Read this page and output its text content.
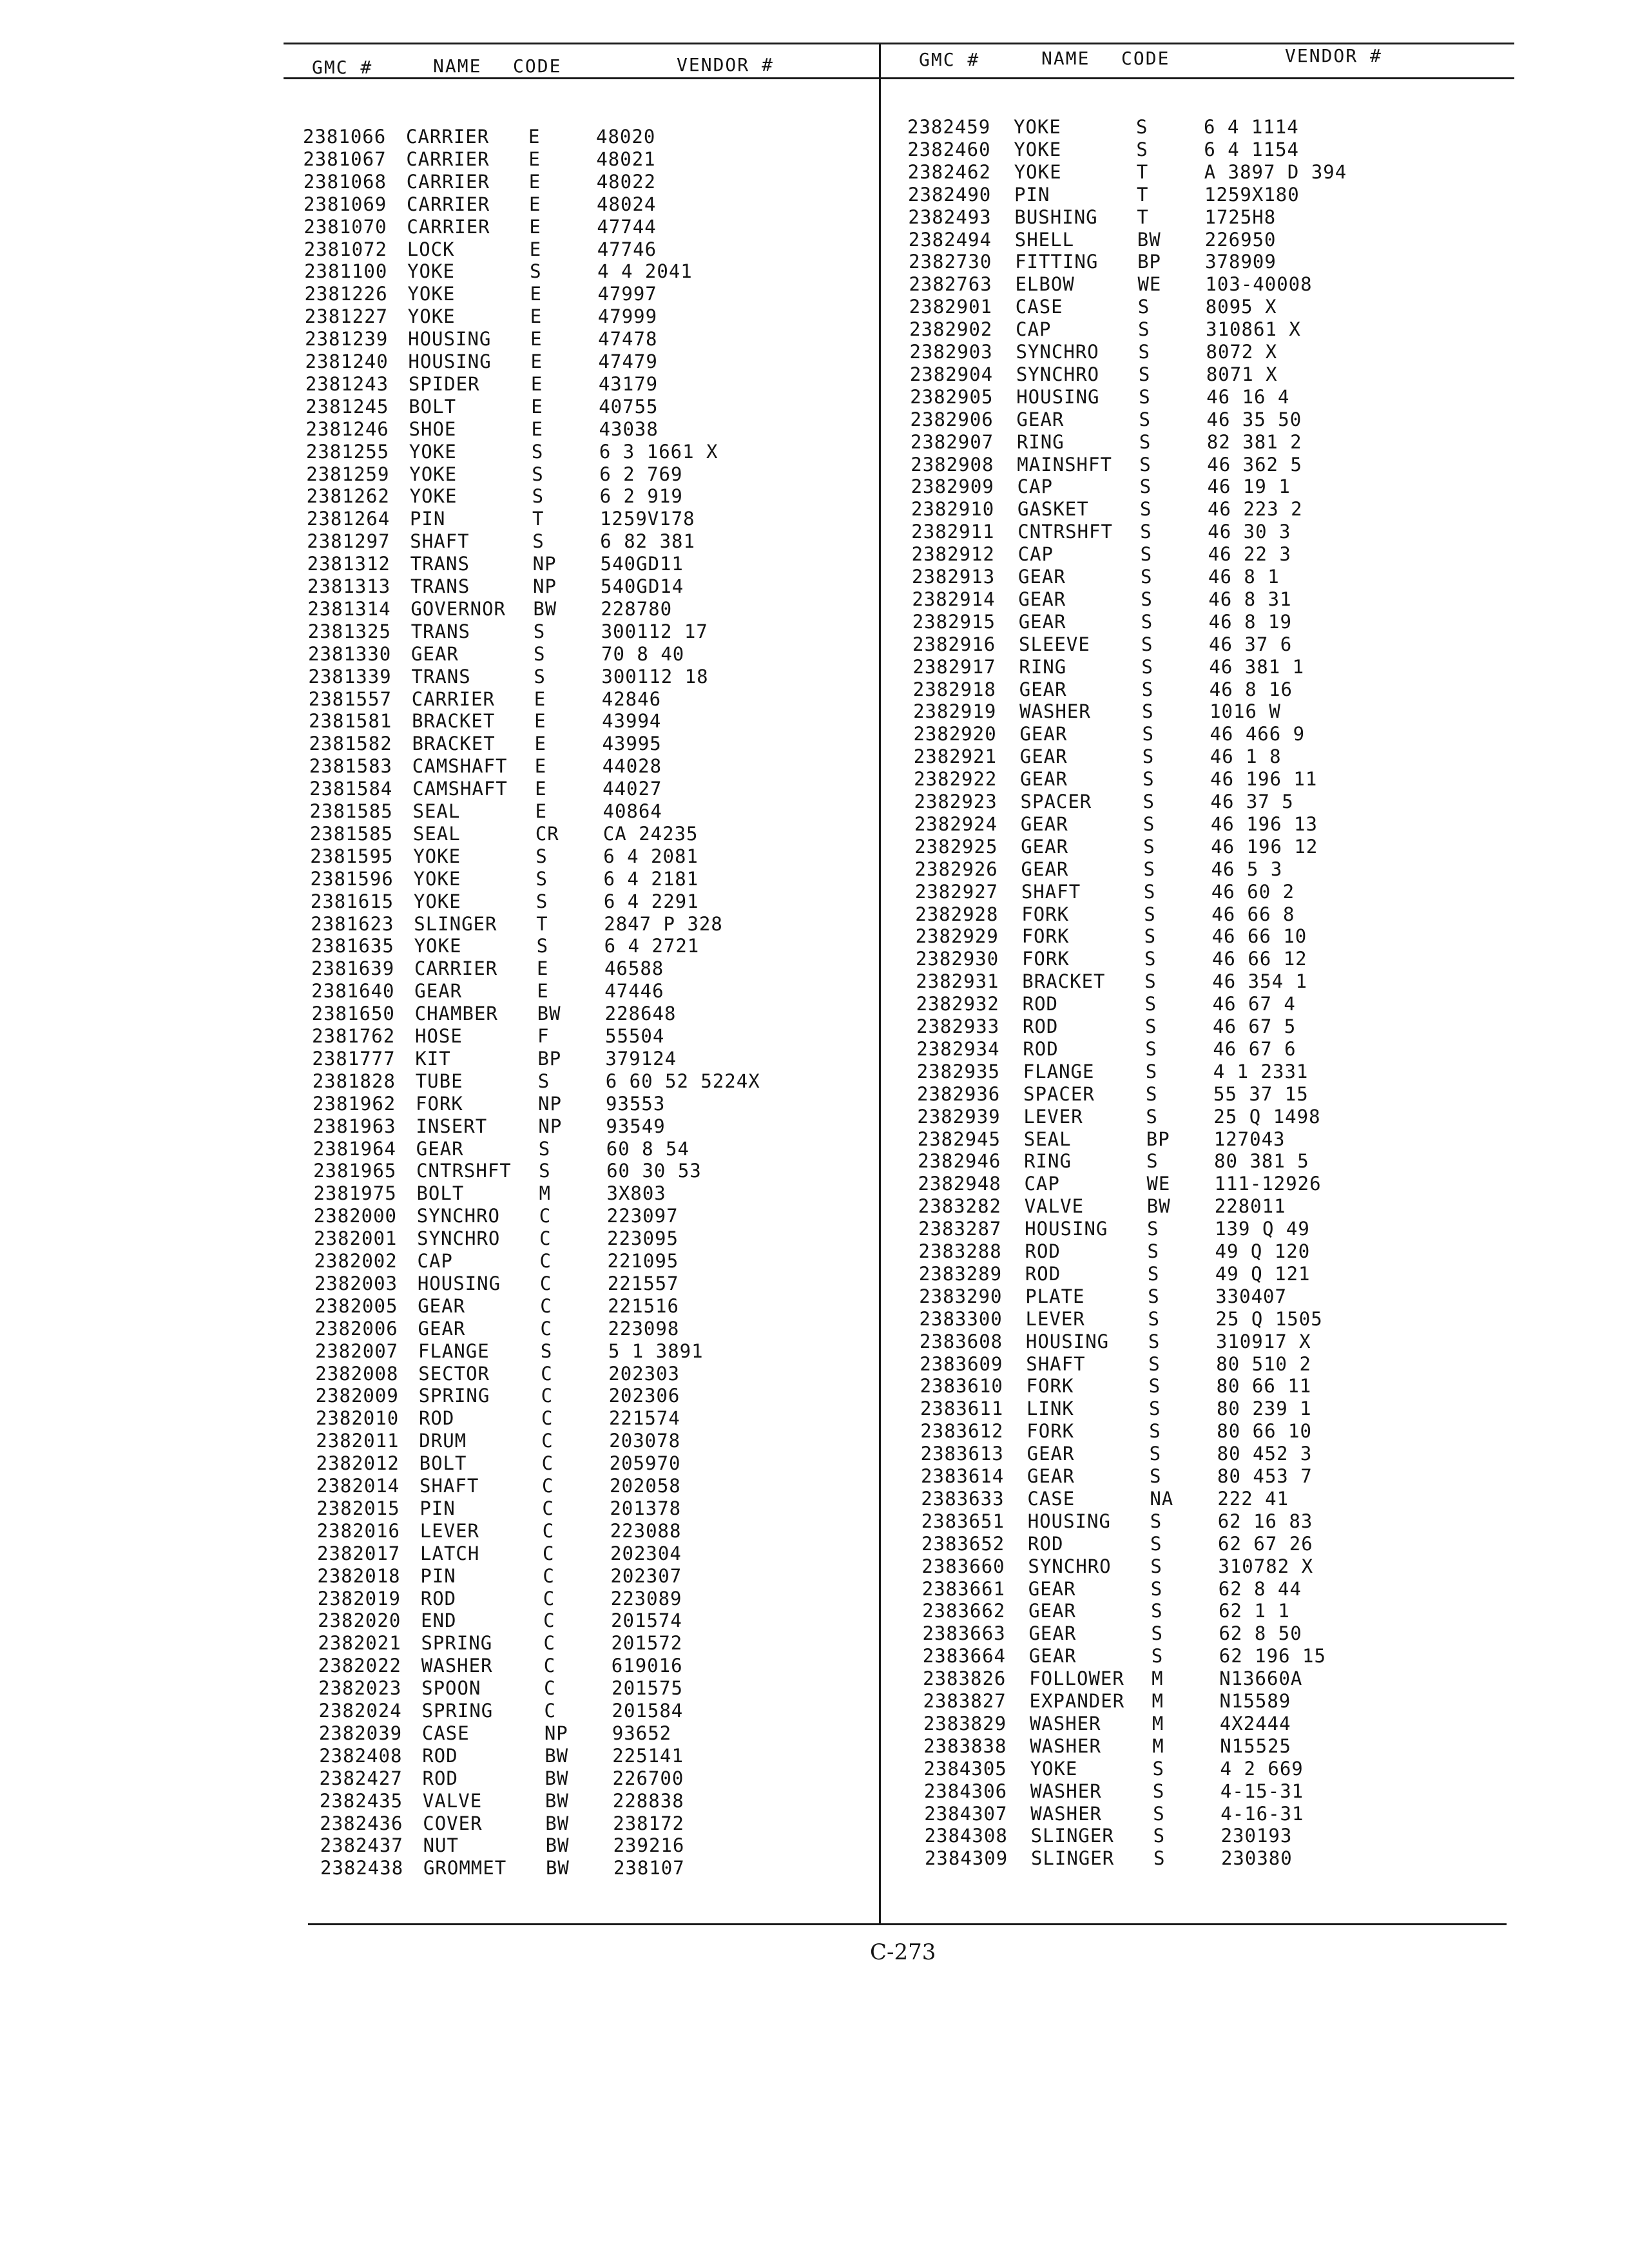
GMC #	NAME CODE	VENDOR #	GMC #	NAME CODE	VENDOR #
2381066 CARRIER E	48020
2381067 CARRIER E	48021
2381068 CARRIER E	48022
2381069 CARRIER E	48024
2381070 CARRIER E	47744
2381072 LOCK	E	47746
2381100 YOKE	S	4 4 2041
2381226 YOKE	E	47997
2381227 YOKE	E	47999
2381239 HOUSING E	47478
2381240 HOUSING E	47479
2381243 SPIDER	E	43179
2381245 BOLT	E	40755
2381246 SHOE	E	43038
2381255 YOKE	S	6 3 1661 X
2381259 YOKE	S	6 2 769
2381262 YOKE	S	6 2 919
2381264 PIN	T	1259V178
2381297 SHAFT	S	6 82 381
2381312 TRANS	NP 540GD11
2381313 TRANS	NP 540GD14
2381314 GOVERNOR BW 228780
2381325 TRANS	S	300112 17
2381330 GEAR	S	70 8 40
2381339 TRANS	S	300112 18
2381557 CARRIER E	42846
2381581 BRACKET E	43994
2381582 BRACKET E	43995
2381583 CAMSHAFT E	44028
2381584 CAMSHAFT E	44027
2381585 SEAL	E	40864
2381585 SEAL	CR CA 24235
2381595 YOKE	S	6 4 2081
2381596 YOKE	S	6 4 2181
2381615 YOKE	S	6 4 2291
2381623 SLINGER T	2847 P 328
2381635 YOKE	S	6 4 2721
2381639 CARRIER E	46588
2381640 GEAR	E	47446
2381650 CHAMBER BW 228648
2381762 HOSE	F	55504
2381777 KIT	BP 379124
2381828 TUBE	S	6 60 52 5224X
2381962 FORK	NP 93553
2381963 INSERT	NP 93549
2381964 GEAR	S	60 8 54
2381965 CNTRSHFT S	60 30 53
2381975 BOLT	M	3X803
2382000 SYNCHRO C	223097
2382001 SYNCHRO C	223095
2382002 CAP	C	221095
2382003 HOUSING C	221557
2382005 GEAR	C	221516
2382006 GEAR	C	223098
2382007 FLANGE	S	5 1 3891
2382008 SECTOR	C	202303
2382009 SPRING	C	202306
2382010 ROD	C	221574
2382011 DRUM	C	203078
2382012 BOLT	C	205970
2382014 SHAFT	C	202058
2382015 PIN	C	201378
2382016 LEVER	C	223088
2382017 LATCH	C	202304
2382018 PIN	C	202307
2382019 ROD	C	223089
2382020 END	C	201574
2382021 SPRING	C	201572
2382022 WASHER	C	619016
2382023 SPOON	C	201575
2382024 SPRING	C	201584
2382039 CASE	NP 93652
2382408 ROD	BW 225141
2382427 ROD	BW 226700
2382435 VALVE	BW 228838
2382436 COVER	BW 238172
2382437 NUT	BW 239216
2382438 GROMMET BW 238107
2382459 YOKE	S	6 4 1114
2382460 YOKE	S	6 4 1154
2382462 YOKE	T	A 3897 D 394
2382490 PIN	T	1259X180
2382493 BUSHING T	1725H8
2382494 SHELL	BW 226950
2382730 FITTING BP 378909
2382763 ELBOW	WE 103-40008
2382901 CASE	S	8095 X
2382902 CAP	S	310861 X
2382903 SYNCHRO S	8072 X
2382904 SYNCHRO S	8071 X
2382905 HOUSING S	46 16 4
2382906 GEAR	S	46 35 50
2382907 RING	S	82 381 2
2382908 MAINSHFT S	46 362 5
2382909 CAP	S	46 19 1
2382910 GASKET	S	46 223 2
2382911 CNTRSHFT S	46 30 3
2382912 CAP	S	46 22 3
2382913 GEAR	S	46 8 1
2382914 GEAR	S	46 8 31
2382915 GEAR	S	46 8 19
2382916 SLEEVE	S	46 37 6
2382917 RING	S	46 381 1
2382918 GEAR	S	46 8 16
2382919 WASHER	S	1016 W
2382920 GEAR	S	46 466 9
2382921 GEAR	S	46 1 8
2382922 GEAR	S	46 196 11
2382923 SPACER	S	46 37 5
2382924 GEAR	S	46 196 13
2382925 GEAR	S	46 196 12
2382926 GEAR	S	46 5 3
2382927 SHAFT	S	46 60 2
2382928 FORK	S	46 66 8
2382929 FORK	S	46 66 10
2382930 FORK	S	46 66 12
2382931 BRACKET S	46 354 1
2382932 ROD	S	46 67 4
2382933 ROD	S	46 67 5
2382934 ROD	S	46 67 6
2382935 FLANGE	S	4 1 2331
2382936 SPACER	S	55 37 15
2382939 LEVER	S	25 Q 1498
2382945 SEAL	BP 127043
2382946 RING	S	80 381 5
2382948 CAP	WE 111-12926
2383282 VALVE	BW 228011
2383287 HOUSING S	139 Q 49
2383288 ROD	S	49 Q 120
2383289 ROD	S	49 Q 121
2383290 PLATE	S	330407
2383300 LEVER	S	25 Q 1505
2383608 HOUSING S	310917 X
2383609 SHAFT	S	80 510 2
2383610 FORK	S	80 66 11
2383611 LINK	S	80 239 1
2383612 FORK	S	80 66 10
2383613 GEAR	S	80 452 3
2383614 GEAR	S	80 453 7
2383633 CASE	NA 222 41
2383651 HOUSING S	62 16 83
2383652 ROD	S	62 67 26
2383660 SYNCHRO S	310782 X
2383661 GEAR	S	62 8 44
2383662 GEAR	S	62 1 1
2383663 GEAR	S	62 8 50
2383664 GEAR	S	62 196 15
2383826 FOLLOWER M	N13660A
2383827 EXPANDER M	N15589
2383829 WASHER	M	4X2444
2383838 WASHER	M	N15525
2384305 YOKE	S	4 2 669
2384306 WASHER	S	4-15-31
2384307 WASHER	S	4-16-31
2384308 SLINGER S	230193
2384309 SLINGER S	230380
C-273
